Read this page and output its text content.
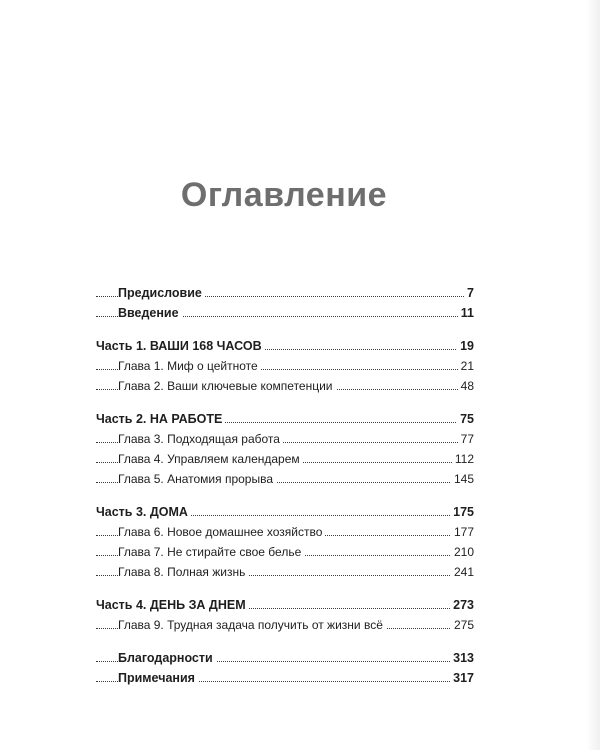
Оглавление
Предисловие	7
Введение	11
Часть 1. ВАШИ 168 ЧАСОВ	19
Глава 1. Миф о цейтноте	21
Глава 2. Ваши ключевые компетенции	48
Часть 2. НА РАБОТЕ	75
Глава 3. Подходящая работа	77
Глава 4. Управляем календарем	112
Глава 5. Анатомия прорыва	145
Часть 3. ДОМА	175
Глава 6. Новое домашнее хозяйство	177
Глава 7. Не стирайте свое белье	210
Глава 8. Полная жизнь	241
Часть 4. ДЕНЬ ЗА ДНЕМ	273
Глава 9. Трудная задача получить от жизни всё	275
Благодарности	313
Примечания	317
